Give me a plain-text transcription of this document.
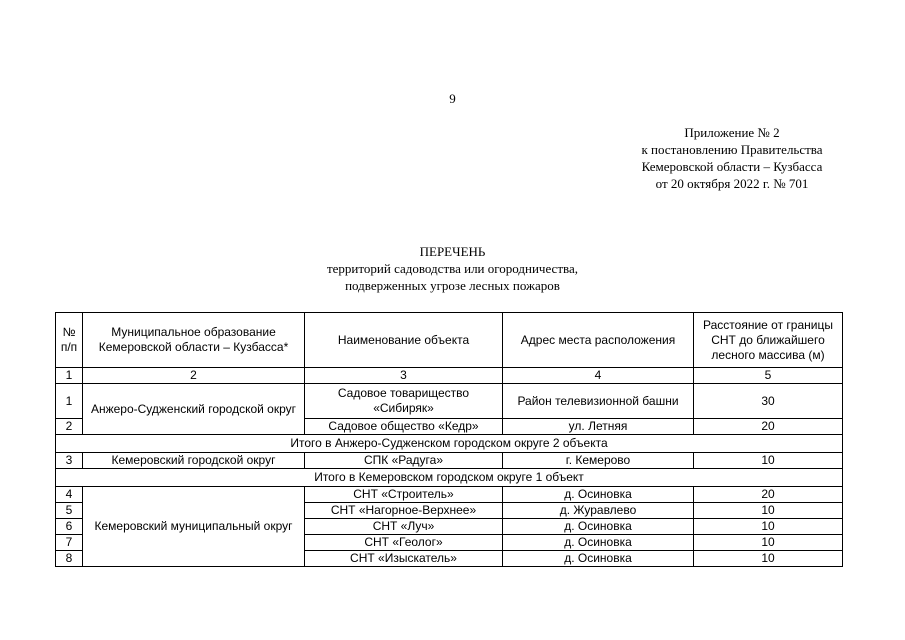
9
Приложение № 2
к постановлению Правительства
Кемеровской области – Кузбасса
от 20 октября 2022 г. № 701
ПЕРЕЧЕНЬ
территорий садоводства или огородничества,
подверженных угрозе лесных пожаров
№ п/п	Муниципальное образование Кемеровской области – Кузбасса*	Наименование объекта	Адрес места расположения	Расстояние от границы СНТ до ближайшего лесного массива (м)
1	2	3	4	5
1	Анжеро-Судженский городской округ	Садовое товарищество «Сибиряк»	Район телевизионной башни	30
2		Садовое общество «Кедр»	ул. Летняя	20
Итого в Анжеро-Судженском городском округе 2 объекта				
3	Кемеровский городской округ	СПК «Радуга»	г. Кемерово	10
Итого в Кемеровском городском округе 1 объект				
4	Кемеровский муниципальный округ	СНТ «Строитель»	д. Осиновка	20
5		СНТ «Нагорное-Верхнее»	д. Журавлево	10
6		СНТ «Луч»	д. Осиновка	10
7		СНТ «Геолог»	д. Осиновка	10
8		СНТ «Изыскатель»	д. Осиновка	10
